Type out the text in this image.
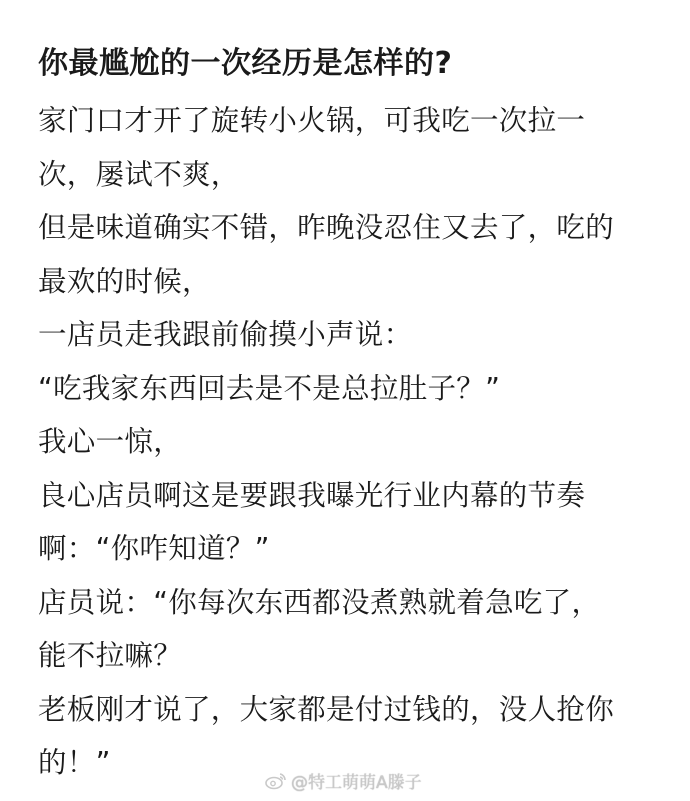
你最尴尬的一次经历是怎样的?
家门口才开了旋转小火锅，可我吃一次拉一
次，屡试不爽，
但是味道确实不错，昨晚没忍住又去了，吃的
最欢的时候，
一店员走我跟前偷摸小声说：
“吃我家东西回去是不是总拉肚子？”
我心一惊，
良心店员啊这是要跟我曝光行业内幕的节奏
啊：“你咋知道？”
店员说：“你每次东西都没煮熟就着急吃了，
能不拉嘛？
老板刚才说了，大家都是付过钱的，没人抢你
的！”
@特工萌萌A滕子
